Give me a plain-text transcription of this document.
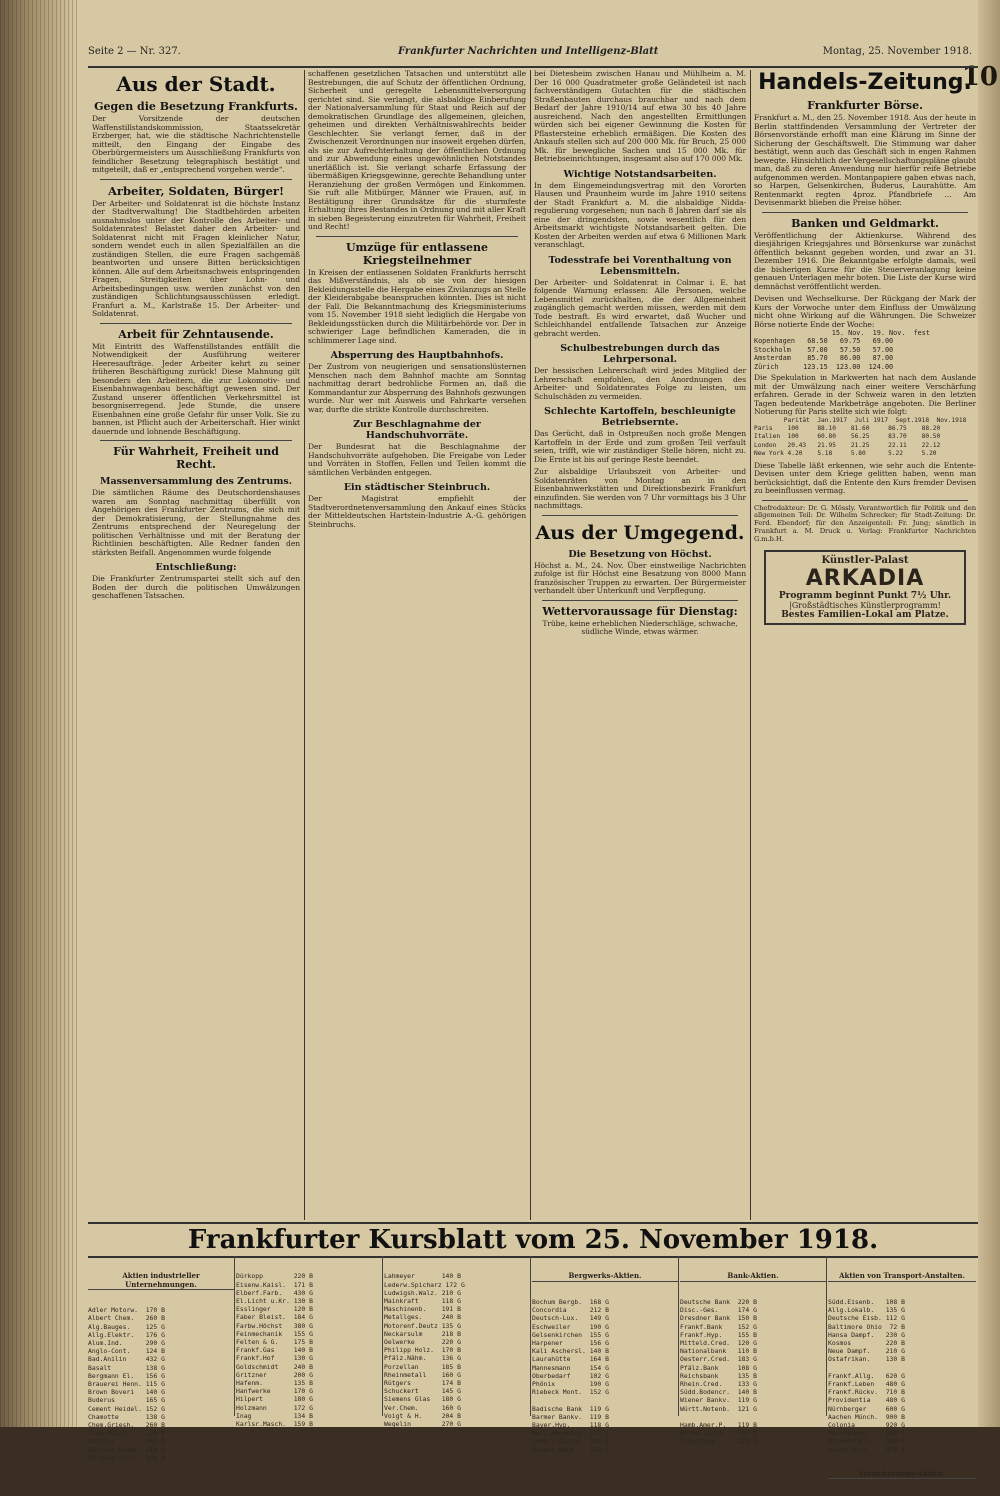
10
Seite 2 — Nr. 327.	Frankfurter Nachrichten und Intelligenz-Blatt	Montag, 25. November 1918.
Aus der Stadt.
Gegen die Besetzung Frankfurts.
Der Vorsitzende der deutschen Waffenstillstandskommission, Staatssekretär Erzberger, hat, wie die städtische Nachrichtenstelle mitteilt, den Eingang der Eingabe des Oberbürgermeisters um Ausschließung Frankfurts von feindlicher Besetzung telegraphisch bestätigt und mitgeteilt, daß er „entsprechend vorgehen werde“.
Arbeiter, Soldaten, Bürger!
Der Arbeiter- und Soldatenrat ist die höchste Instanz der Stadtverwaltung! Die Stadtbehörden arbeiten ausnahmslos unter der Kontrolle des Arbeiter- und Soldatenrates! Belastet daher den Arbeiter- und Soldatenrat nicht mit Fragen kleinlicher Natur, sondern wendet euch in allen Spezialfällen an die zuständigen Stellen, die eure Fragen sachgemäß beantworten und unsere Bitten berücksichtigen können. Alle auf dem Arbeitsnachweis entspringenden Fragen, Streitigkeiten über Lohn- und Arbeitsbedingungen usw. werden zunächst von den zuständigen Schlichtungsausschüssen erledigt. Franfurt a. M., Karlstraße 15. Der Arbeiter- und Soldatenrat.
Arbeit für Zehntausende.
Mit Eintritt des Waffenstillstandes entfällt die Notwendigkeit der Ausführung weiterer Heeresaufträge. Jeder Arbeiter kehrt zu seiner früheren Beschäftigung zurück! Diese Mahnung gilt besonders den Arbeitern, die zur Lokomotiv- und Eisenbahnwagenbau beschäftigt gewesen sind. Der Zustand unserer öffentlichen Verkehrsmittel ist besorgniserregend. Jede Stunde, die unsere Eisenbahnen eine große Gefahr für unser Volk. Sie zu bannen, ist Pflicht auch der Arbeiterschaft. Hier winkt dauernde und lohnende Beschäftigung.
Für Wahrheit, Freiheit und Recht.
Massenversammlung des Zentrums.
Die sämtlichen Räume des Deutschordenshauses waren am Sonntag nachmittag überfüllt von Angehörigen des Frankfurter Zentrums, die sich mit der Demokratisierung, der Stellungnahme des Zentrums entsprechend der Neuregelung der politischen Verhältnisse und mit der Beratung der Richtlinien beschäftigten. Alle Redner fanden den stärksten Beifall. Angenommen wurde folgende
Entschließung:
Die Frankfurter Zentrumspartei stellt sich auf den Boden der durch die politischen Umwälzungen geschaffenen Tatsachen.
schaffenen gesetzlichen Tatsachen und unterstützt alle Bestrebungen, die auf Schutz der öffentlichen Ordnung, Sicherheit und geregelte Lebensmittelversorgung gerichtet sind. Sie verlangt, die alsbaldige Einberufung der Nationalversammlung für Staat und Reich auf der demokratischen Grundlage des allgemeinen, gleichen, geheimen und direkten Verhältniswahlrechts beider Geschlechter. Sie verlangt ferner, daß in der Zwischenzeit Verordnungen nur insoweit ergehen dürfen, als sie zur Aufrechterhaltung der öffentlichen Ordnung und zur Abwendung eines ungewöhnlichen Notstandes unerläßlich ist. Sie verlangt scharfe Erfassung der übermäßigen Kriegsgewinne, gerechte Behandlung unter Heranziehung der großen Vermögen und Einkommen. Sie ruft alle Mitbürger, Männer wie Frauen, auf, in Bestätigung ihrer Grundsätze für die sturmfeste Erhaltung ihres Bestandes in Ordnung und mit aller Kraft in sieben Begeisterung einzutreten für Wahrheit, Freiheit und Recht!
Umzüge für entlassene Kriegsteilnehmer
In Kreisen der entlassenen Soldaten Frankfurts herrscht das Mißverständnis, als ob sie von der hiesigen Bekleidungsstelle die Hergabe eines Zivilanzugs an Stelle der Kleiderabgabe beanspruchen könnten. Dies ist nicht der Fall. Die Bekanntmachung des Kriegsministeriums vom 15. November 1918 sieht lediglich die Hergabe von Bekleidungsstücken durch die Militärbehörde vor. Der in schwieriger Lage befindlichen Kameraden, die in schlimmerer Lage sind.
Absperrung des Hauptbahnhofs.
Der Zustrom von neugierigen und sensationslüsternen Menschen nach dem Bahnhof machte am Sonntag nachmittag derart bedrohliche Formen an, daß die Kommandantur zur Absperrung des Bahnhofs gezwungen wurde. Nur wer mit Ausweis und Fahrkarte versehen war, durfte die strikte Kontrolle durchschreiten.
Zur Beschlagnahme der Handschuhvorräte.
Der Bundesrat hat die Beschlagnahme der Handschuhvorräte aufgehoben. Die Freigabe von Leder und Vorräten in Stoffen, Fellen und Teilen kommt die sämtlichen Verbänden entgegen.
Ein städtischer Steinbruch.
Der Magistrat empfiehlt der Stadtverordnetenversammlung den Ankauf eines Stücks der Mitteldeutschen Hartstein-Industrie A.-G. gehörigen Steinbruchs.
bei Dietesheim zwischen Hanau und Mühlheim a. M. Der 16 000 Quadratmeter große Geländeteil ist nach fachverständigem Gutachten für die städtischen Straßenbauten durchaus brauchbar und nach dem Bedarf der Jahre 1910/14 auf etwa 30 bis 40 Jahre ausreichend. Nach den angestellten Ermittlungen würden sich bei eigener Gewinnung die Kosten für Pflastersteine erheblich ermäßigen. Die Kosten des Ankaufs stellen sich auf 200 000 Mk. für Bruch, 25 000 Mk. für bewegliche Sachen und 15 000 Mk. für Betriebseinrichtungen, insgesamt also auf 170 000 Mk.
Wichtige Notstandsarbeiten.
In dem Eingemeindungsvertrag mit den Vororten Hausen und Praunheim wurde im Jahre 1910 seitens der Stadt Frankfurt a. M. die alsbaldige Nidda-regulierung vorgesehen; nun nach 8 Jahren darf sie als eine der dringendsten, sowie wesentlich für den Arbeitsmarkt wichtigste Notstandsarbeit gelten. Die Kosten der Arbeiten werden auf etwa 6 Millionen Mark veranschlagt.
Todesstrafe bei Vorenthaltung von Lebensmitteln.
Der Arbeiter- und Soldatenrat in Colmar i. E. hat folgende Warnung erlassen: Alle Personen, welche Lebensmittel zurückhalten, die der Allgemeinheit zugänglich gemacht werden müssen, werden mit dem Tode bestraft. Es wird erwartet, daß Wucher und Schleichhandel entfallende Tatsachen zur Anzeige gebracht werden.
Schulbestrebungen durch das Lehrpersonal.
Der hessischen Lehrerschaft wird jedes Mitglied der Lehrerschaft empfohlen, den Anordnungen des Arbeiter- und Soldatenrates Folge zu leisten, um Schulschäden zu vermeiden.
Schlechte Kartoffeln, beschleunigte Betriebsernte.
Das Gerücht, daß in Ostpreußen noch große Mengen Kartoffeln in der Erde und zum großen Teil verfault seien, trifft, wie wir zuständiger Stelle hören, nicht zu. Die Ernte ist bis auf geringe Reste beendet.
Zur alsbaldige Urlaubszeit von Arbeiter- und Soldatenräten von Montag an in den Eisenbahnwerkstätten und Direktionsbezirk Frankfurt einzufinden. Sie werden von 7 Uhr vormittags bis 3 Uhr nachmittags.
Aus der Umgegend.
Die Besetzung von Höchst.
Höchst a. M., 24. Nov. Über einstweilige Nachrichten zufolge ist für Höchst eine Besatzung von 8000 Mann französischer Truppen zu erwarten. Der Bürgermeister verhandelt über Unterkunft und Verpflegung.
Wettervoraussage für Dienstag:
Trübe, keine erheblichen Niederschläge, schwache, südliche Winde, etwas wärmer.
Handels-Zeitung.
Frankfurter Börse.
Frankfurt a. M., den 25. November 1918. Aus der heute in Berlin stattfindenden Versammlung der Vertreter der Börsenvorstände erhofft man eine Klärung im Sinne der Sicherung der Geschäftswelt. Die Stimmung war daher bestätigt, wenn auch das Geschäft sich in engen Rahmen bewegte. Hinsichtlich der Vergesellschaftungspläne glaubt man, daß zu deren Anwendung nur hierfür reife Betriebe aufgenommen werden. Montanpapiere gaben etwas nach, so Harpen, Gelsenkirchen, Buderus, Laurahütte. Am Rentenmarkt regten 4proz. Pfandbriefe ... Am Devisenmarkt blieben die Preise höher.
Banken und Geldmarkt.
Veröffentlichung der Aktienkurse. Während des diesjährigen Kriegsjahres und Börsenkurse war zunächst öffentlich bekannt gegeben worden, und zwar an 31. Dezember 1916. Die Bekanntgabe erfolgte damals, weil die bisherigen Kurse für die Steuerveranlagung keine genauen Unterlagen mehr boten. Die Liste der Kurse wird demnächst veröffentlicht werden.
Devisen und Wechselkurse. Der Rückgang der Mark der Kurs der Vorwoche unter dem Einfluss der Umwälzung nicht ohne Wirkung auf die Währungen. Die Schweizer Börse notierte Ende der Woche:
15. Nov.  19. Nov.  fest
Kopenhagen   68.50   69.75   69.00
Stockholm    57.00   57.50   57.00
Amsterdam    85.70   86.00   87.00
Zürich      123.15  123.00  124.00
Die Spekulation in Markwerten hat nach dem Auslande mit der Umwälzung nach einer weitere Verschärfung erfahren. Gerade in der Schweiz waren in den letzten Tagen bedeutende Markbeträge angeboten. Die Berliner Notierung für Paris stellte sich wie folgt:
Parität  Jan.1917  Juli 1917  Sept.1918  Nov.1918
Paris    100     88.10    81.60     86.75    88.20
Italien  100     60.80    56.25     83.70    80.50
London   20.43   21.95    21.25     22.11    22.12
New York 4.20    5.18     5.80      5.22     5.20
Diese Tabelle läßt erkennen, wie sehr auch die Entente-Devisen unter dem Kriege gelitten haben, wenn man berücksichtigt, daß die Entente den Kurs fremder Devisen zu beeinflussen vermag.
Chefredakteur: Dr. G. Mössly. Verantwortlich für Politik und den allgemeinen Teil: Dr. Wilhelm Schrecker; für Stadt-Zeitung: Dr. Ferd. Ebendorf; für den Anzeigenteil: Fr. Jung; sämtlich in Frankfurt a. M. Druck u. Verlag: Frankfurter Nachrichten G.m.b.H.
Künstler-Palast
ARKADIA
Programm beginnt Punkt 7½ Uhr.
|Großstädtisches Künstlerprogramm!
Bestes Familien-Lokal am Platze.
Frankfurter Kursblatt vom 25. November 1918.

Aktien industrieller Unternehmungen.

Adler Motorw.  170 B
Albert Chem.   260 B
Alg.Bauges.    125 G
Allg.Elektr.   176 G
Alum.Ind.      290 G
Anglo-Cont.    124 B
Bad.Anilin     432 G
Basalt         138 G
Bergmann El.   156 G
Brauerei Henn. 115 G
Brown Boveri   140 G
Buderus        165 G
Cement Heidel. 152 G
Chamotte       138 G
Chem.Griesh.   260 B
Chem.Milch     120 B
Daimler        242 B
Deutsch.Erdöl  210 G
Dt.Gold-Silb.  320 B

Dürkopp        220 B
Eisenw.Kaisl.  171 B
Elberf.Farb.   430 G
El.Licht u.Kr. 130 B
Esslinger      120 B
Faber Bleist.  184 G
Farbw.Höchst   380 G
Feinmechanik   155 G
Felten & G.    175 B
Frankf.Gas     140 B
Frankf.Hof     130 G
Goldschmidt    240 B
Gritzner       200 G
Hafenm.        135 B
Hanfwerke      170 G
Hilpert        180 G
Holzmann       172 G
Inag           134 B
Karlsr.Masch.  159 B

Lahmeyer       140 B
Lederw.Spicharz 172 G
Ludwigsh.Walz. 210 G
Mainkraft      118 G
Maschinenb.    191 B
Metallges.     240 B
Motorenf.Deutz 135 G
Neckarsulm     218 B
Oelwerke       220 G
Philipp Holz.  170 B
Pfälz.Nähm.    136 G
Porzellan      185 B
Rheinmetall    160 G
Rütgers        174 B
Schuckert      145 G
Siemens Glas   180 G
Ver.Chem.      160 G
Voigt & H.     204 B
Wegelin        270 G

Bergwerks-Aktien.

Bochum Bergb.  168 G
Concordia      212 B
Deutsch-Lux.   149 G
Eschweiler     190 G
Gelsenkirchen  155 G
Harpener       156 G
Kali Aschersl. 140 B
Laurahütte     164 B
Mannesmann     154 G
Oberbedarf     102 G
Phönix         190 G
Riebeck Mont.  152 G

Badische Bank  119 G
Barmer Bankv.  119 B
Bayer.Hyp.     118 G
Berl.Handelsg. 137 G
Comm.u.Discb.  135 B
Darmst.Bank    118 G

Bank-Aktien.

Deutsche Bank  220 B
Disc.-Ges.     174 G
Dresdner Bank  150 B
Frankf.Bank    152 G
Frankf.Hyp.    155 B
Mitteld.Cred.  120 G
Nationalbank   110 B
Oesterr.Cred.  183 G
Pfälz.Bank     108 G
Reichsbank     135 B
Rhein.Cred.    133 G
Südd.Bodencr.  140 B
Wiener Bankv.  119 G
Württ.Notenb.  121 G

Hamb.Amer.P.   119 B
Nordd.Lloyd    103 G
Schantung      121 G

Aktien von Transport-Anstalten.

Südd.Eisenb.   108 B
Allg.Lokalb.   135 G
Deutsche Eisb. 112 G
Baltimore Ohio  72 B
Hansa Dampf.   230 G
Kosmos         220 B
Neue Dampf.    210 G
Ostafrikan.    130 B

Frankf.Allg.   620 G
Frankf.Leben   480 G
Frankf.Rückv.  710 B
Providentia    480 G
Nürnberger     600 G
Aachen Münch.  900 B
Colonia        920 G
Mannheimer     510 G
Niederrhein.   580 G
Westd.Vers.    470 B

Versicherungs-Aktien.
